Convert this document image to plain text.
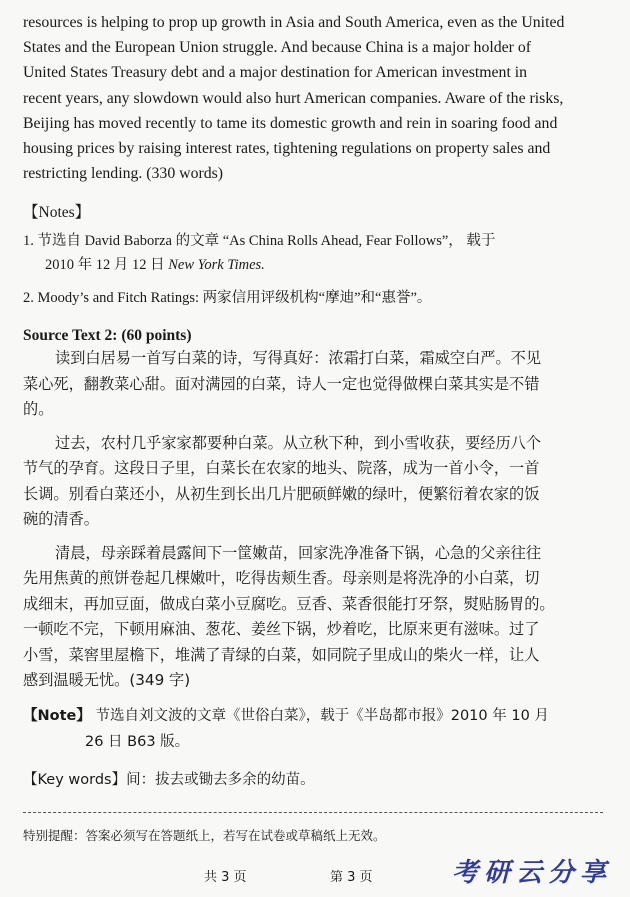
resources is helping to prop up growth in Asia and South America, even as the United
States and the European Union struggle. And because China is a major holder of
United States Treasury debt and a major destination for American investment in
recent years, any slowdown would also hurt American companies. Aware of the risks,
Beijing has moved recently to tame its domestic growth and rein in soaring food and
housing prices by raising interest rates, tightening regulations on property sales and
restricting lending. (330 words)
【Notes】
1. 节选自 David Baborza 的文章 “As China Rolls Ahead, Fear Follows”， 载于
2010 年 12 月 12 日 New York Times.
2. Moody’s and Fitch Ratings: 两家信用评级机构“摩迪”和“惠誉”。
Source Text 2: (60 points)
读到白居易一首写白菜的诗，写得真好：浓霜打白菜，霜威空白严。不见
菜心死，翻教菜心甜。面对满园的白菜，诗人一定也觉得做棵白菜其实是不错
的。
过去，农村几乎家家都要种白菜。从立秋下种，到小雪收获，要经历八个
节气的孕育。这段日子里，白菜长在农家的地头、院落，成为一首小令，一首
长调。别看白菜还小，从初生到长出几片肥硕鲜嫩的绿叶，便繁衍着农家的饭
碗的清香。
清晨，母亲踩着晨露间下一筐嫩苗，回家洗净准备下锅，心急的父亲往往
先用焦黄的煎饼卷起几棵嫩叶，吃得齿颊生香。母亲则是将洗净的小白菜，切
成细末，再加豆面，做成白菜小豆腐吃。豆香、菜香很能打牙祭，熨贴肠胃的。
一顿吃不完，下顿用麻油、葱花、姜丝下锅，炒着吃，比原来更有滋味。过了
小雪，菜窖里屋檐下，堆满了青绿的白菜，如同院子里成山的柴火一样，让人
感到温暖无忧。(349 字)
【Note】 节选自刘文波的文章《世俗白菜》，载于《半岛都市报》2010 年 10 月
26 日 B63 版。
【Key words】间：拔去或锄去多余的幼苗。
特别提醒：答案必须写在答题纸上，若写在试卷或草稿纸上无效。
共 3 页	第 3 页	考研云分享
